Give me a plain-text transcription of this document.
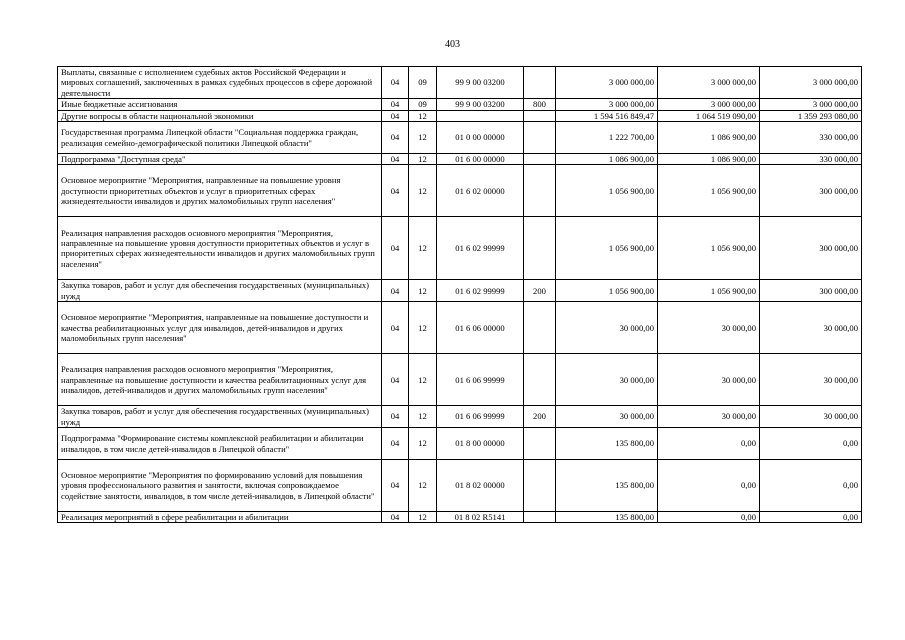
403
Выплаты, связанные с исполнением судебных актов Российской Федерации и мировых соглашений, заключенных в рамках судебных процессов в сфере дорожной деятельности	04	09	99 9 00 03200		3 000 000,00	3 000 000,00	3 000 000,00
Иные бюджетные ассигнования	04	09	99 9 00 03200	800	3 000 000,00	3 000 000,00	3 000 000,00
Другие вопросы в области национальной экономики	04	12			1 594 516 849,47	1 064 519 090,00	1 359 293 080,00
Государственная программа Липецкой области "Социальная поддержка граждан, реализация семейно-демографической политики Липецкой области"	04	12	01 0 00 00000		1 222 700,00	1 086 900,00	330 000,00
Подпрограмма "Доступная среда"	04	12	01 6 00 00000		1 086 900,00	1 086 900,00	330 000,00
Основное мероприятие "Мероприятия, направленные на повышение уровня доступности приоритетных объектов и услуг в приоритетных сферах жизнедеятельности инвалидов и других маломобильных групп населения"	04	12	01 6 02 00000		1 056 900,00	1 056 900,00	300 000,00
Реализация направления расходов основного мероприятия "Мероприятия, направленные на повышение уровня доступности приоритетных объектов и услуг в приоритетных сферах жизнедеятельности инвалидов и других маломобильных групп населения"	04	12	01 6 02 99999		1 056 900,00	1 056 900,00	300 000,00
Закупка товаров, работ и услуг для обеспечения государственных (муниципальных) нужд	04	12	01 6 02 99999	200	1 056 900,00	1 056 900,00	300 000,00
Основное мероприятие "Мероприятия, направленные на повышение доступности и качества реабилитационных услуг для инвалидов, детей-инвалидов и других маломобильных групп населения"	04	12	01 6 06 00000		30 000,00	30 000,00	30 000,00
Реализация направления расходов основного мероприятия "Мероприятия, направленные на повышение доступности и качества реабилитационных услуг для инвалидов, детей-инвалидов и других маломобильных групп населения"	04	12	01 6 06 99999		30 000,00	30 000,00	30 000,00
Закупка товаров, работ и услуг для обеспечения государственных (муниципальных) нужд	04	12	01 6 06 99999	200	30 000,00	30 000,00	30 000,00
Подпрограмма "Формирование системы комплексной реабилитации и абилитации инвалидов, в том числе детей-инвалидов в Липецкой области"	04	12	01 8 00 00000		135 800,00	0,00	0,00
Основное мероприятие "Мероприятия по формированию условий для повышения уровня профессионального развития и занятости, включая сопровождаемое содействие занятости, инвалидов, в том числе детей-инвалидов, в Липецкой области"	04	12	01 8 02 00000		135 800,00	0,00	0,00
Реализация мероприятий в сфере реабилитации и абилитации	04	12	01 8 02 R5141		135 800,00	0,00	0,00
